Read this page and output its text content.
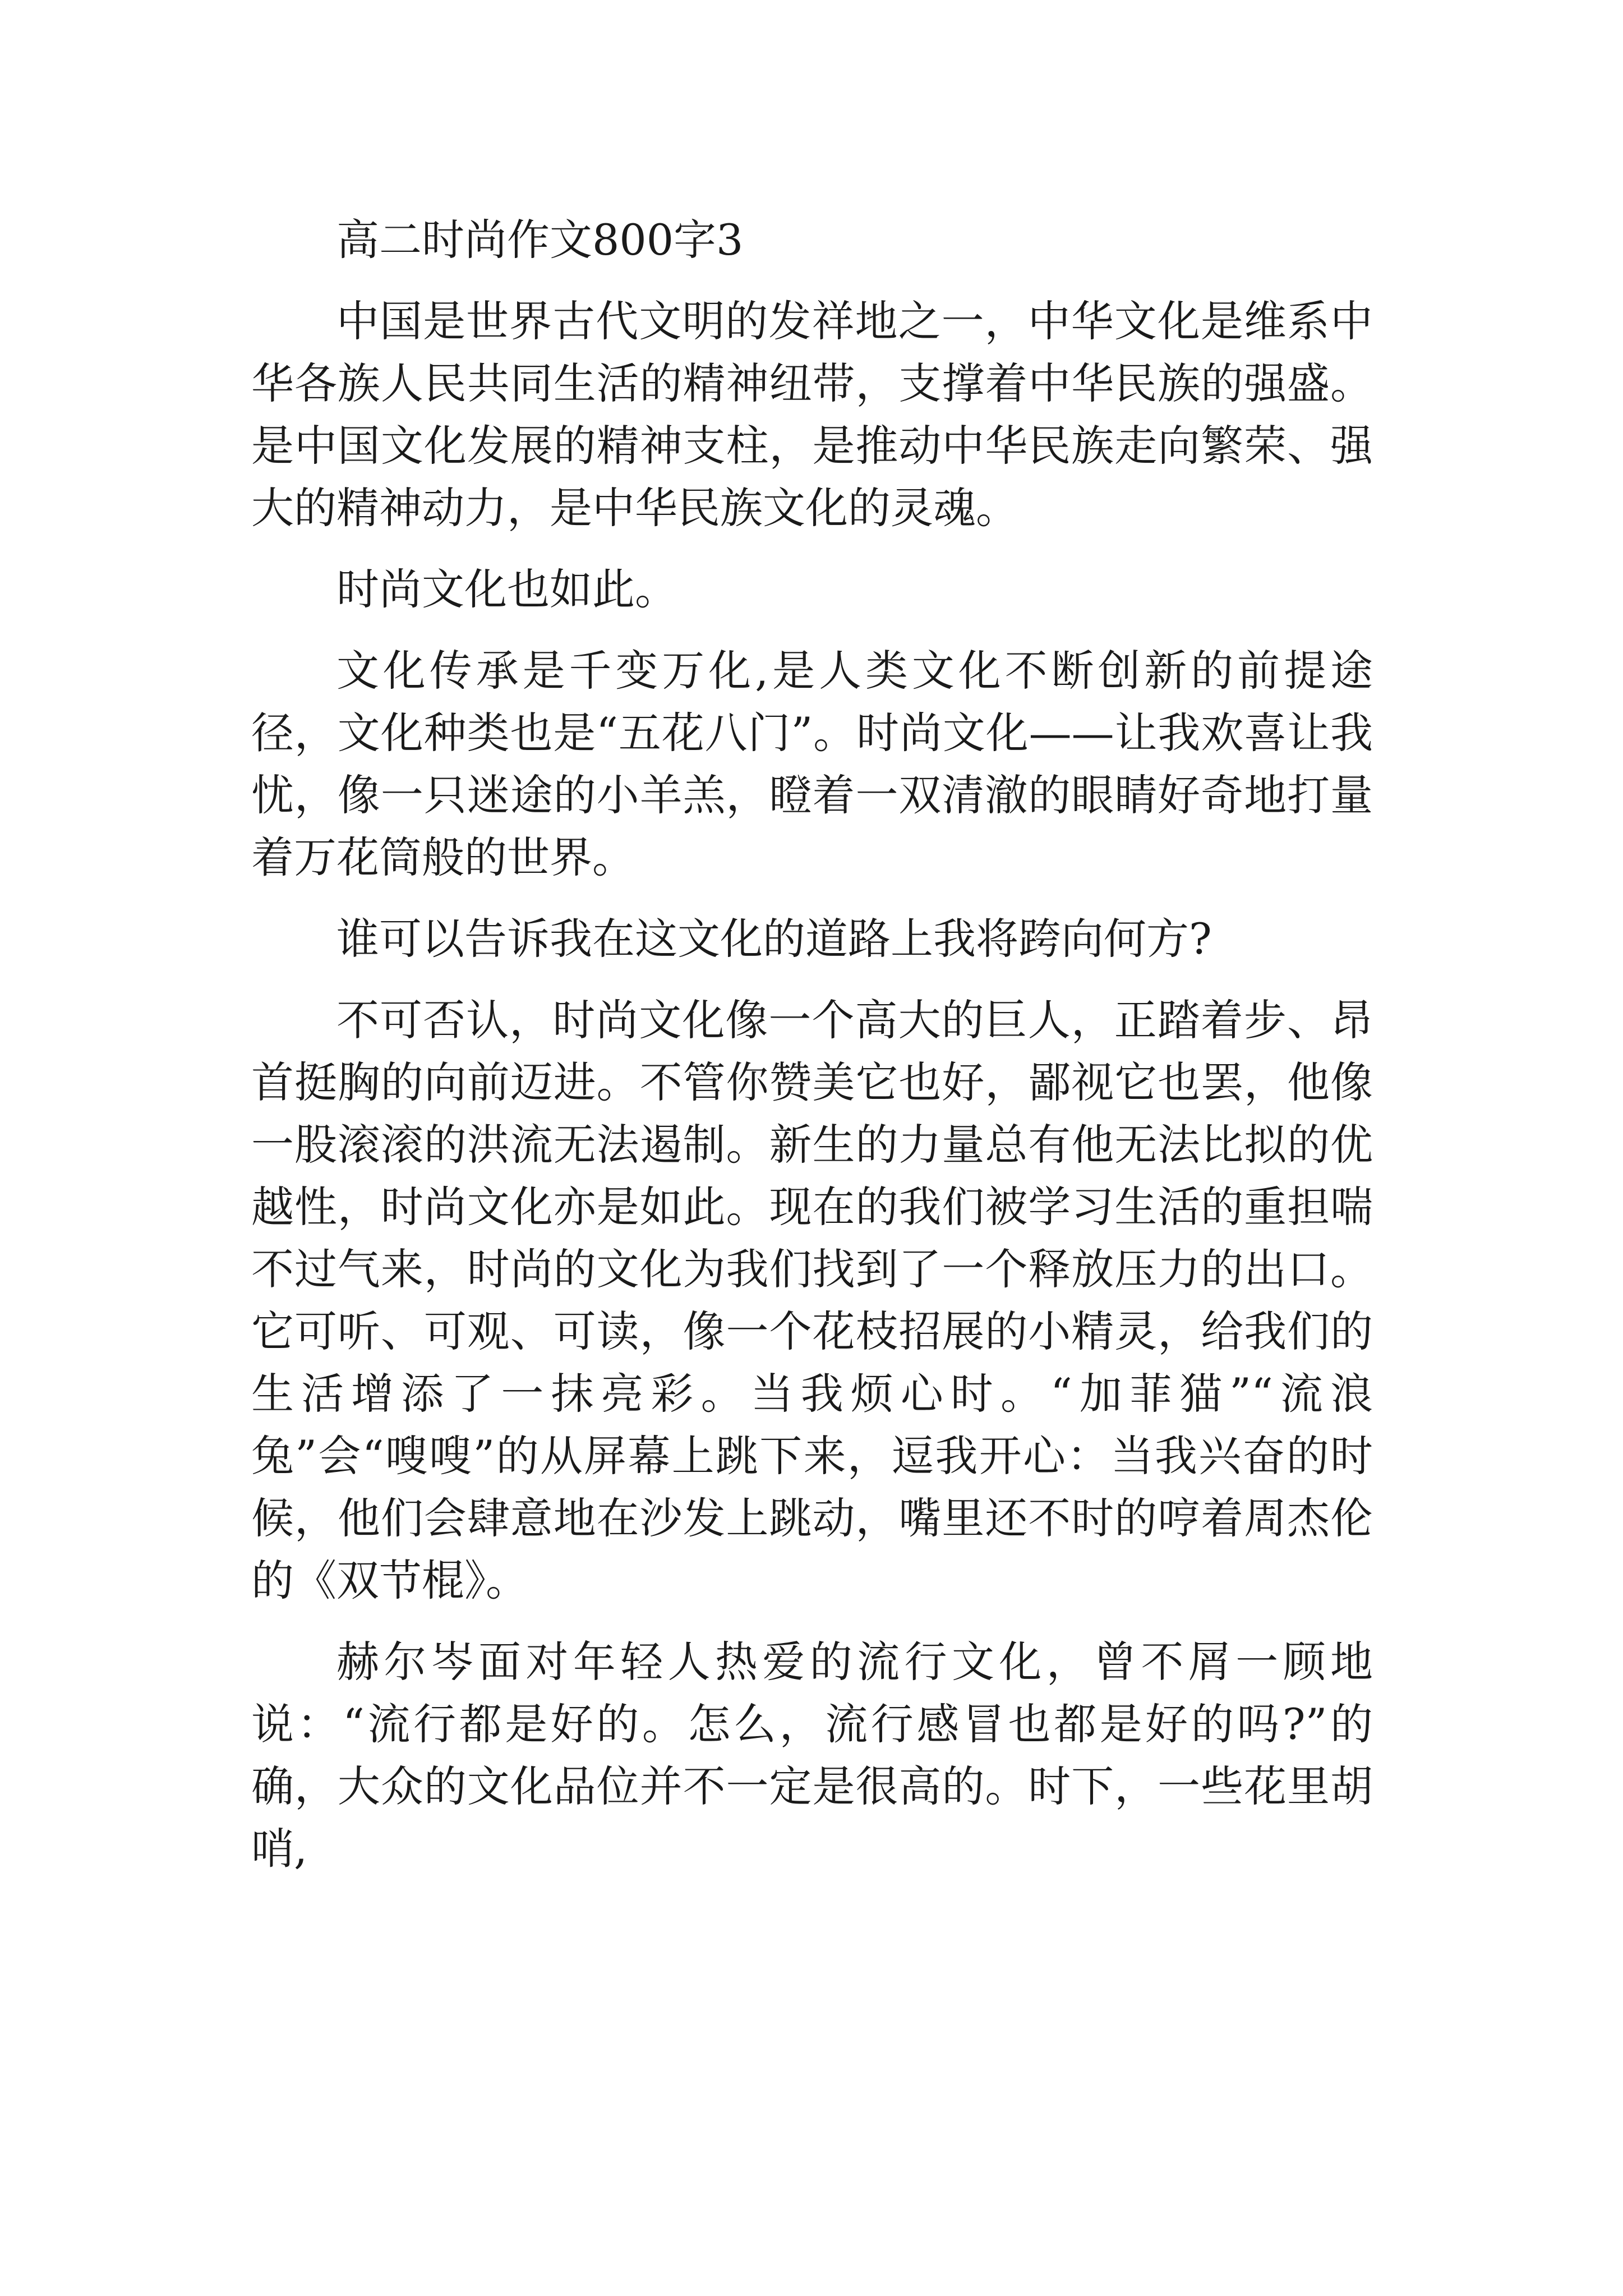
高二时尚作文800字3

中国是世界古代文明的发祥地之一，中华文化是维系中华各族人民共同生活的精神纽带，支撑着中华民族的强盛。是中国文化发展的精神支柱，是推动中华民族走向繁荣、强大的精神动力，是中华民族文化的灵魂。

时尚文化也如此。

文化传承是千变万化,是人类文化不断创新的前提途径，文化种类也是“五花八门”。时尚文化——让我欢喜让我忧，像一只迷途的小羊羔，瞪着一双清澈的眼睛好奇地打量着万花筒般的世界。

谁可以告诉我在这文化的道路上我将跨向何方?

不可否认，时尚文化像一个高大的巨人，正踏着步、昂首挺胸的向前迈进。不管你赞美它也好，鄙视它也罢，他像一股滚滚的洪流无法遏制。新生的力量总有他无法比拟的优越性，时尚文化亦是如此。现在的我们被学习生活的重担喘不过气来，时尚的文化为我们找到了一个释放压力的出口。它可听、可观、可读，像一个花枝招展的小精灵，给我们的生活增添了一抹亮彩。当我烦心时。“加菲猫”“流浪兔”会“嗖嗖”的从屏幕上跳下来，逗我开心：当我兴奋的时候，他们会肆意地在沙发上跳动，嘴里还不时的哼着周杰伦的《双节棍》。

赫尔岑面对年轻人热爱的流行文化，曾不屑一顾地说：“流行都是好的。怎么，流行感冒也都是好的吗?”的确，大众的文化品位并不一定是很高的。时下，一些花里胡哨,
